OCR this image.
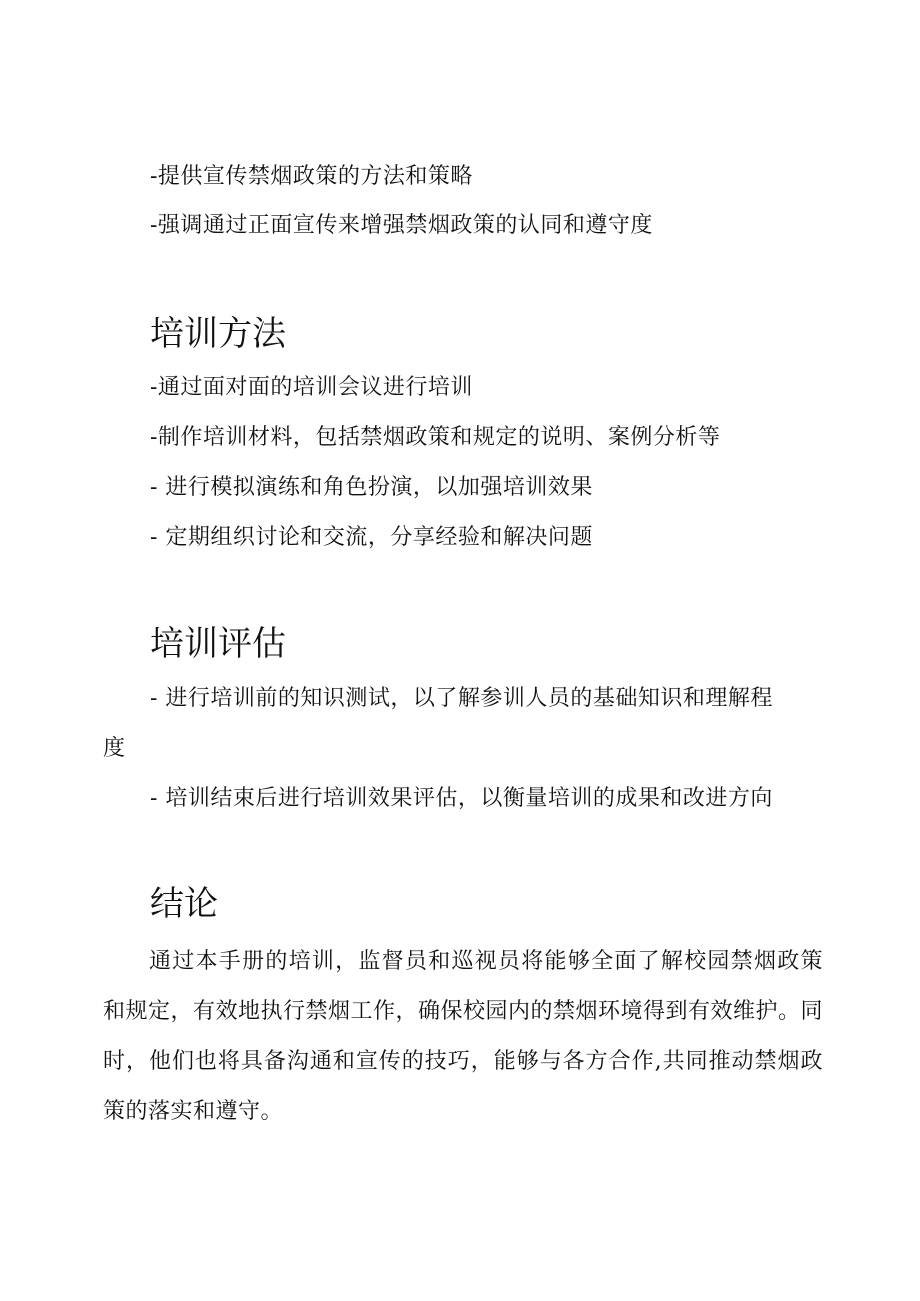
-提供宣传禁烟政策的方法和策略
-强调通过正面宣传来增强禁烟政策的认同和遵守度
培训方法
-通过面对面的培训会议进行培训
-制作培训材料，包括禁烟政策和规定的说明、案例分析等
- 进行模拟演练和角色扮演，以加强培训效果
- 定期组织讨论和交流，分享经验和解决问题
培训评估
- 进行培训前的知识测试，以了解参训人员的基础知识和理解程
度
- 培训结束后进行培训效果评估，以衡量培训的成果和改进方向
结论

通过本手册的培训，监督员和巡视员将能够全面了解校园禁烟政策和规定，有效地执行禁烟工作，确保校园内的禁烟环境得到有效维护。同时，他们也将具备沟通和宣传的技巧，能够与各方合作,共同推动禁烟政策的落实和遵守。
